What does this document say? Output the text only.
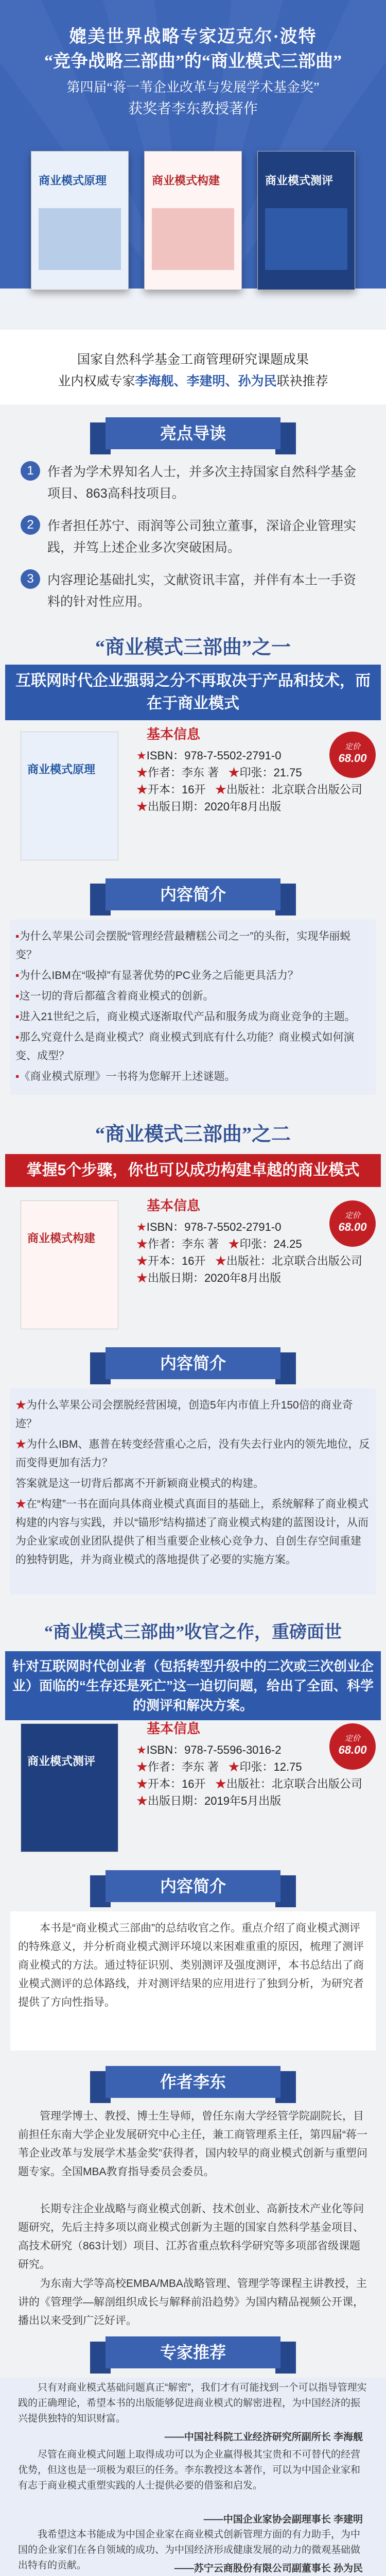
媲美世界战略专家迈克尔·波特
“竞争战略三部曲”的“商业模式三部曲”
第四届“蒋一苇企业改革与发展学术基金奖”
获奖者李东教授著作
商业模式原理	商业模式构建	商业模式测评
国家自然科学基金工商管理研究课题成果
业内权威专家李海舰、李建明、孙为民联袂推荐
亮点导读
1	作者为学术界知名人士，并多次主持国家自然科学基金项目、863高科技项目。
2	作者担任苏宁、雨润等公司独立董事，深谙企业管理实践，并笃上述企业多次突破困局。
3	内容理论基础扎实，文献资讯丰富，并伴有本土一手资料的针对性应用。
“商业模式三部曲”之一
互联网时代企业强弱之分不再取决于产品和技术，而在于商业模式
商业模式原理
基本信息
★ISBN：978-7-5502-2791-0
★作者：李东 著 ★印张：21.75
★开本：16开 ★出版社：北京联合出版公司
★出版日期：2020年8月出版
定价
68.00
内容简介

▪为什么苹果公司会摆脱“管理经营最糟糕公司之一”的头衔，实现华丽蜕变？

▪为什么IBM在“吸掉”有显著优势的PC业务之后能更具活力？

▪这一切的背后都蕴含着商业模式的创新。

▪进入21世纪之后，商业模式逐渐取代产品和服务成为商业竞争的主题。

▪那么究竟什么是商业模式？商业模式到底有什么功能？商业模式如何演变、成型？

▪《商业模式原理》一书将为您解开上述谜题。

“商业模式三部曲”之二
掌握5个步骤，你也可以成功构建卓越的商业模式
商业模式构建
基本信息
★ISBN：978-7-5502-2791-0
★作者：李东 著 ★印张：24.25
★开本：16开 ★出版社：北京联合出版公司
★出版日期：2020年8月出版
定价
68.00
内容简介

★为什么苹果公司会摆脱经营困境，创造5年内市值上升150倍的商业奇迹？

★为什么IBM、惠普在转变经营重心之后，没有失去行业内的领先地位，反而变得更加有活力？

答案就是这一切背后都离不开新颖商业模式的构建。

★在“构建”一书在面向具体商业模式真面目的基础上，系统解释了商业模式构建的内容与实践，并以“锚形”结构描述了商业模式构建的蓝图设计，从而为企业家或创业团队提供了相当重要企业核心竞争力、自创生存空间重建的独特钥匙，并为商业模式的落地提供了必要的实施方案。

“商业模式三部曲”收官之作，重磅面世
针对互联网时代创业者（包括转型升级中的二次或三次创业企业）面临的“生存还是死亡”这一迫切问题，给出了全面、科学的测评和解决方案。
商业模式测评
基本信息
★ISBN：978-7-5596-3016-2
★作者：李东 著 ★印张：12.75
★开本：16开 ★出版社：北京联合出版公司
★出版日期：2019年5月出版
定价
68.00
内容简介
本书是“商业模式三部曲”的总结收官之作。重点介绍了商业模式测评的特殊意义，并分析商业模式测评环境以来困难重重的原因，梳理了测评商业模式的方法。通过特征识别、类别测评及强度测评，本书总结出了商业模式测评的总体路线，并对测评结果的应用进行了独到分析，为研究者提供了方向性指导。
作者李东
管理学博士、教授、博士生导师，曾任东南大学经管学院副院长，目前担任东南大学企业发展研究中心主任，兼工商管理系主任，第四届“蒋一苇企业改革与发展学术基金奖”获得者，国内较早的商业模式创新与重塑问题专家。全国MBA教育指导委员会委员。
长期专注企业战略与商业模式创新、技术创业、高新技术产业化等问题研究，先后主持多项以商业模式创新为主题的国家自然科学基金项目、高技术研究（863计划）项目、江苏省重点软科学研究等多项部省级课题研究。
为东南大学等高校EMBA/MBA战略管理、管理学等课程主讲教授，主讲的《管理学—解剖组织成长与解释前沿趋势》为国内精品视频公开课，播出以来受到广泛好评。
专家推荐
只有对商业模式基础问题真正“解密”，我们才有可能找到一个可以指导管理实践的正确理论，希望本书的出版能够促进商业模式的解密进程，为中国经济的振兴提供独特的知识财富。
——中国社科院工业经济研究所副所长 李海舰
尽管在商业模式问题上取得成功可以为企业赢得极其宝贵和不可替代的经营优势，但这也是一项极为艰巨的任务。李东教授这本著作，可以为中国企业家和有志于商业模式重塑实践的人士提供必要的借鉴和启发。
——中国企业家协会副理事长 李建明
我希望这本书能成为中国企业家在商业模式创新管理方面的有力助手，为中国的企业家们在各自领域的成功、为中国经济形成健康发展的动力的微观基础做出特有的贡献。	——苏宁云商股份有限公司副董事长 孙为民
